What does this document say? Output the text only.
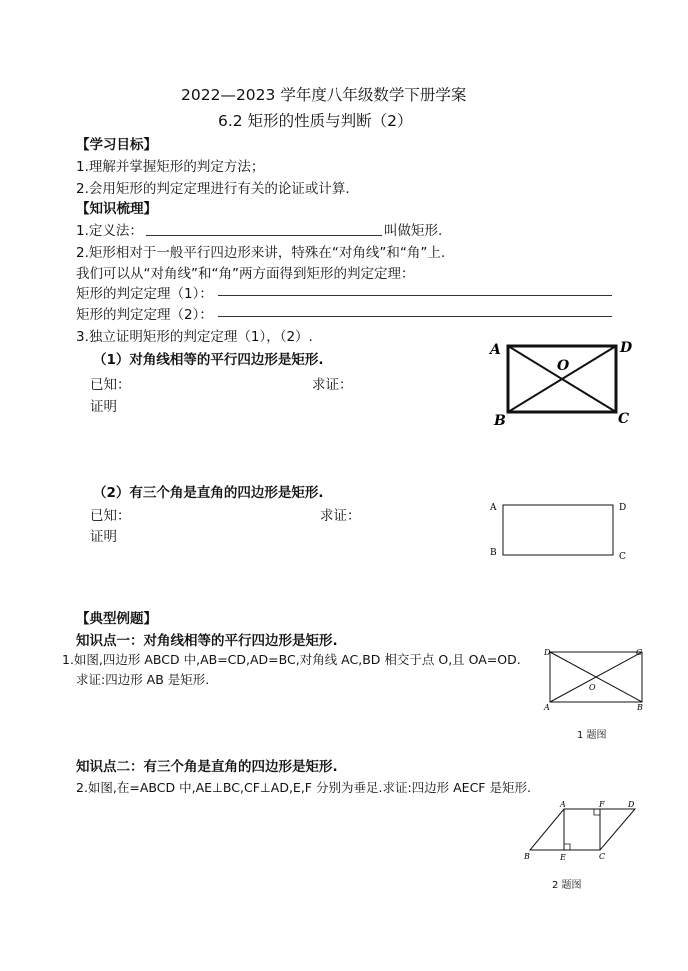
2022—2023 学年度八年级数学下册学案
6.2 矩形的性质与判断（2）
【学习目标】
1.理解并掌握矩形的判定方法；
2.会用矩形的判定定理进行有关的论证或计算.
【知识梳理】
1.定义法：	叫做矩形.
2.矩形相对于一般平行四边形来讲，特殊在“对角线”和“角”上.
我们可以从“对角线”和“角”两方面得到矩形的判定定理：
矩形的判定定理（1）：
矩形的判定定理（2）：
3.独立证明矩形的判定定理（1），（2）.
（1）对角线相等的平行四边形是矩形.
已知：	求证：
证明
A	D
B	C
O
（2）有三个角是直角的四边形是矩形.
已知：	求证：
证明
A	D
B	C
【典型例题】
知识点一：对角线相等的平行四边形是矩形.
1.如图,四边形 ABCD 中,AB=CD,AD=BC,对角线 AC,BD 相交于点 O,且 OA=OD.
求证:四边形 AB 是矩形.
D	C
A	B
O
1 题图
知识点二：有三个角是直角的四边形是矩形.
2.如图,在=ABCD 中,AE⊥BC,CF⊥AD,E,F 分别为垂足.求证:四边形 AECF 是矩形.
A	F	D
B	E	C
2 题图
